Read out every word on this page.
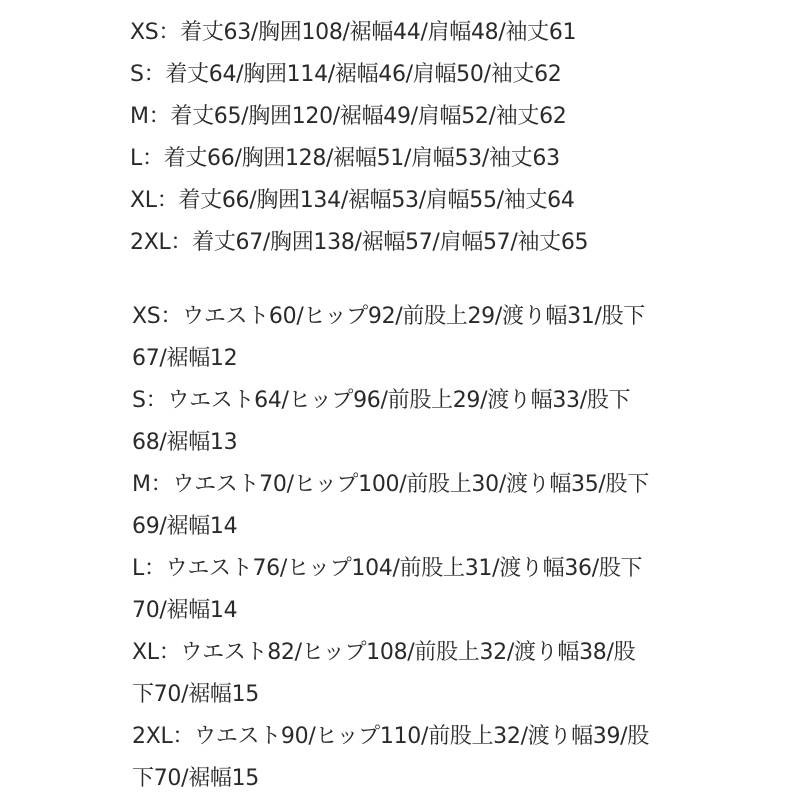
XS：着丈63/胸囲108/裾幅44/肩幅48/袖丈61
S：着丈64/胸囲114/裾幅46/肩幅50/袖丈62
M：着丈65/胸囲120/裾幅49/肩幅52/袖丈62
L：着丈66/胸囲128/裾幅51/肩幅53/袖丈63
XL：着丈66/胸囲134/裾幅53/肩幅55/袖丈64
2XL：着丈67/胸囲138/裾幅57/肩幅57/袖丈65
XS：ウエスト60/ヒップ92/前股上29/渡り幅31/股下
67/裾幅12
S：ウエスト64/ヒップ96/前股上29/渡り幅33/股下
68/裾幅13
M：ウエスト70/ヒップ100/前股上30/渡り幅35/股下
69/裾幅14
L：ウエスト76/ヒップ104/前股上31/渡り幅36/股下
70/裾幅14
XL：ウエスト82/ヒップ108/前股上32/渡り幅38/股
下70/裾幅15
2XL：ウエスト90/ヒップ110/前股上32/渡り幅39/股
下70/裾幅15
